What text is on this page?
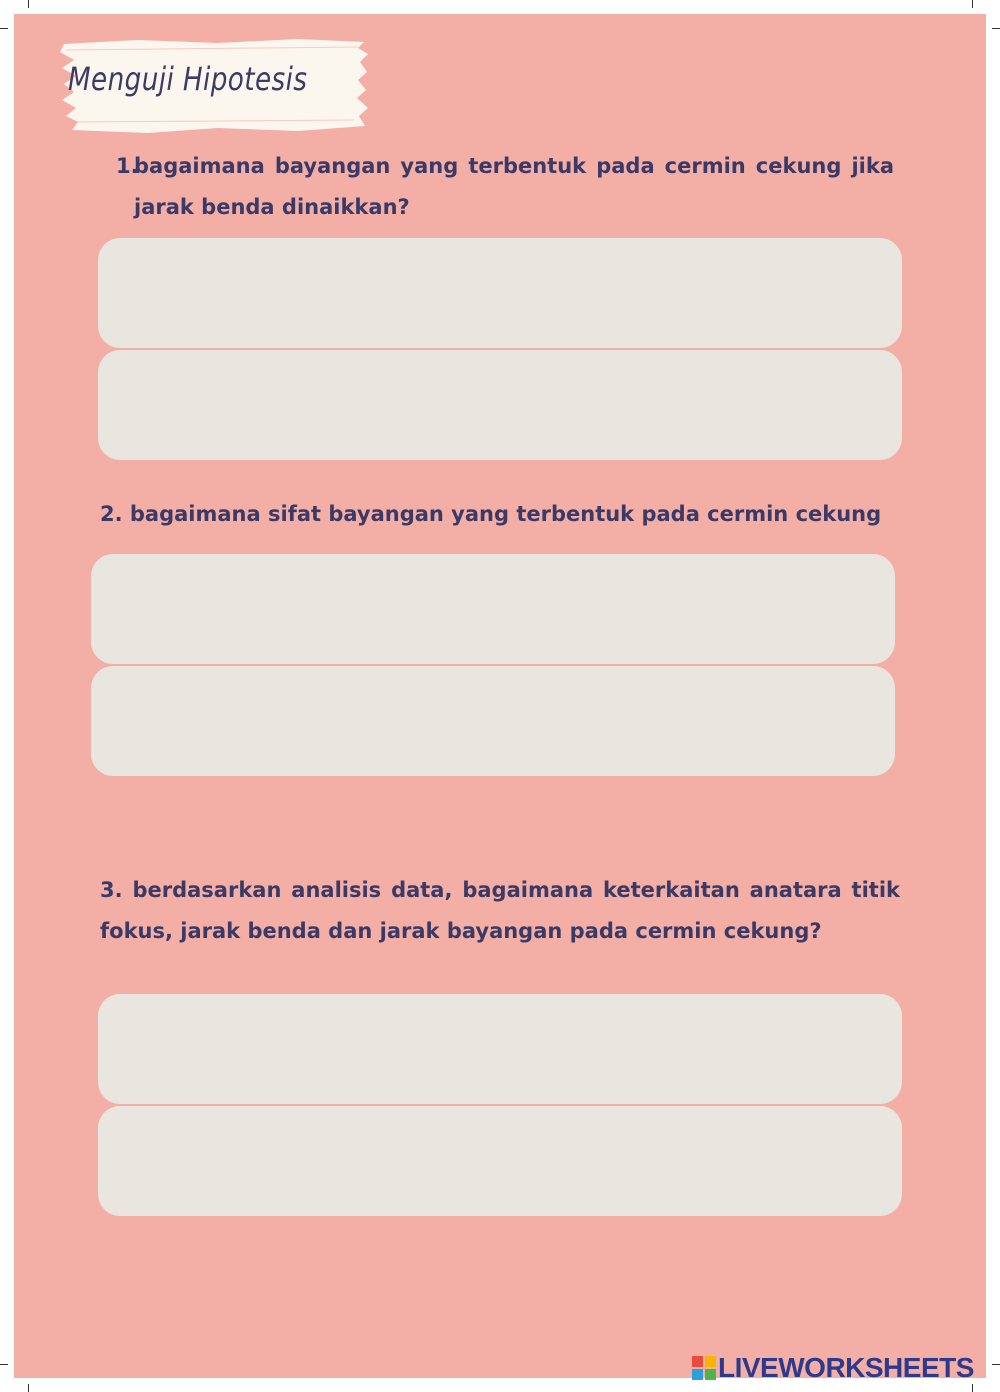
Menguji Hipotesis
1.
bagaimana bayangan yang terbentuk pada cermin cekung jika jarak benda dinaikkan?
2. bagaimana sifat bayangan yang terbentuk pada cermin cekung
3. berdasarkan analisis data, bagaimana keterkaitan anatara titik fokus, jarak benda dan jarak bayangan pada cermin cekung?
LIVEWORKSHEETS
